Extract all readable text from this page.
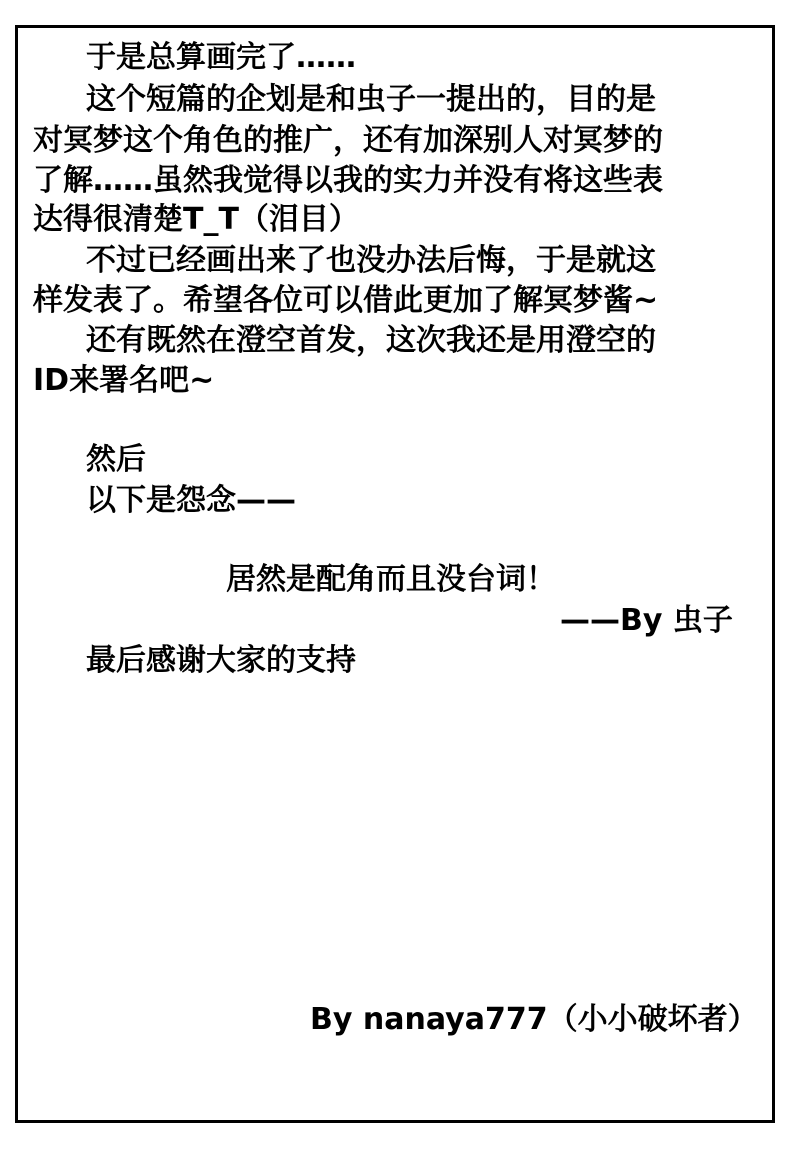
于是总算画完了……
这个短篇的企划是和虫子一提出的，目的是
对冥梦这个角色的推广，还有加深别人对冥梦的
了解……虽然我觉得以我的实力并没有将这些表
达得很清楚T_T（泪目）
不过已经画出来了也没办法后悔，于是就这
样发表了。希望各位可以借此更加了解冥梦酱~
还有既然在澄空首发，这次我还是用澄空的
ID来署名吧~
然后
以下是怨念——
居然是配角而且没台词！
——By 虫子
最后感谢大家的支持
By nanaya777（小小破坏者）
